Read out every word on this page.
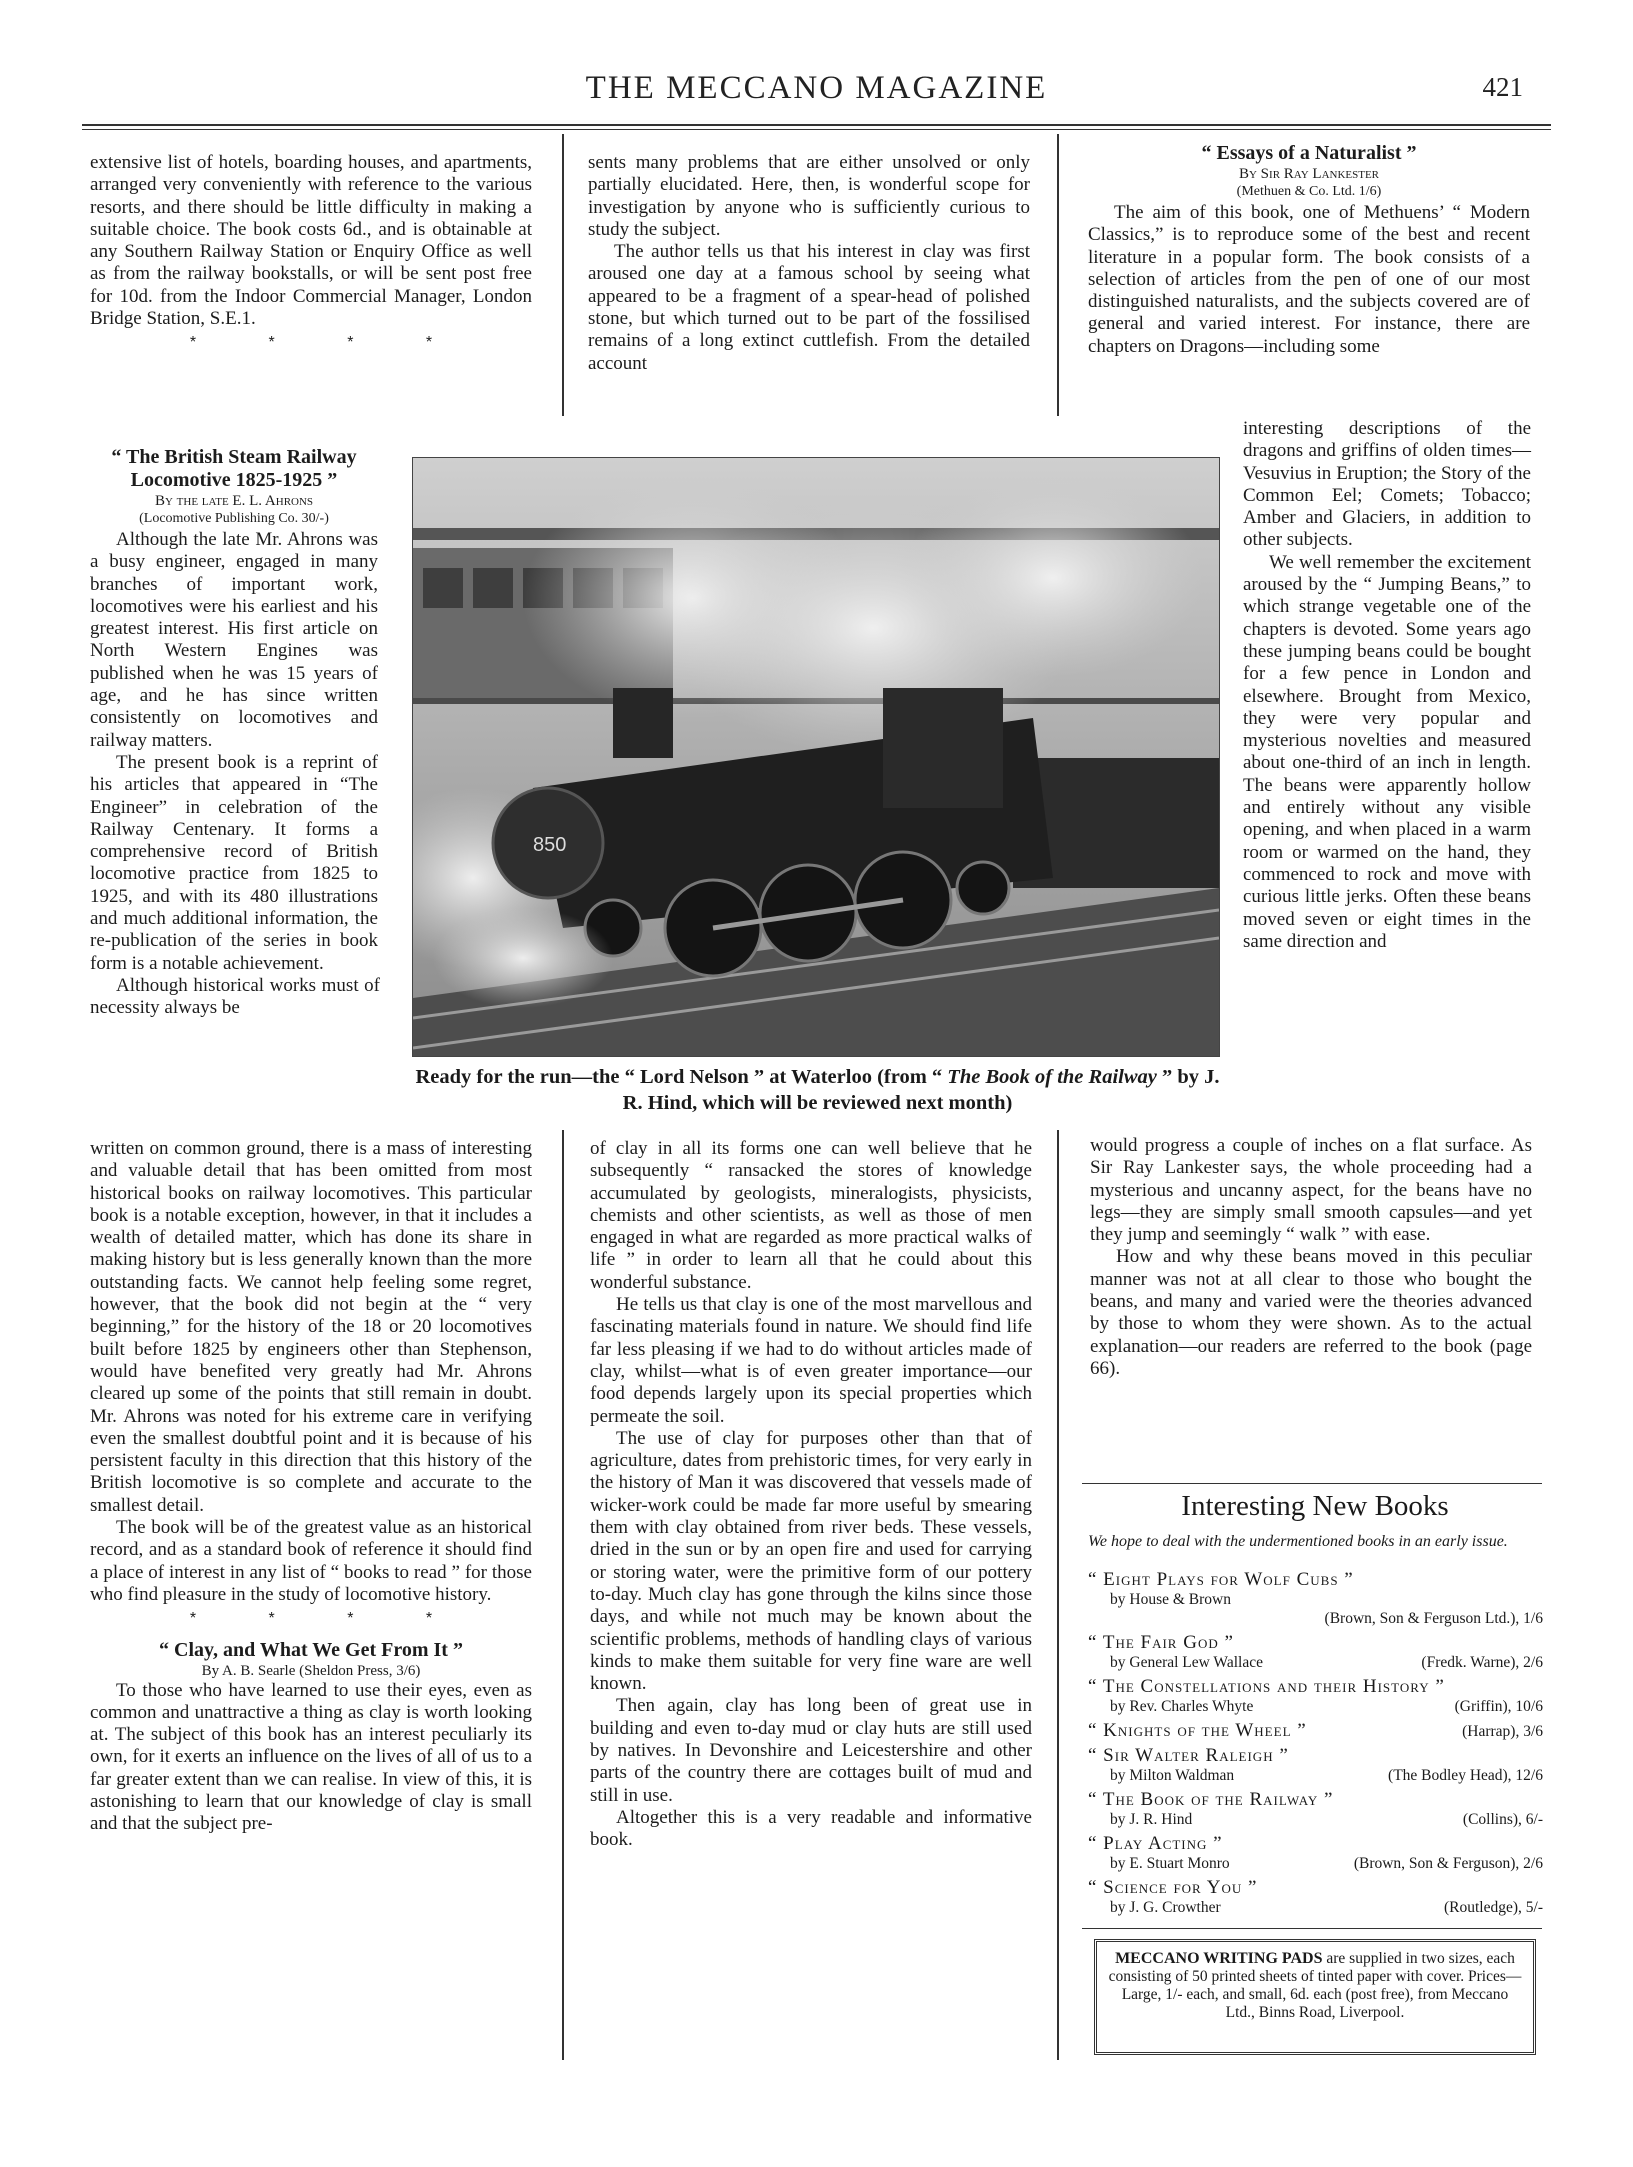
THE MECCANO MAGAZINE	421

extensive list of hotels, boarding houses, and apartments, arranged very conveniently with reference to the various resorts, and there should be little difficulty in making a suitable choice. The book costs 6d., and is obtainable at any Southern Railway Station or Enquiry Office as well as from the railway bookstalls, or will be sent post free for 10d. from the Indoor Commercial Manager, London Bridge Station, S.E.1.

* * * *
“ The British Steam Railway Locomotive 1825-1925 ”
By the late E. L. Ahrons
(Locomotive Publishing Co. 30/-)

Although the late Mr. Ahrons was a busy engineer, engaged in many branches of important work, locomotives were his earliest and his greatest interest. His first article on North Western Engines was published when he was 15 years of age, and he has since written consistently on locomotives and railway matters.

The present book is a reprint of his articles that appeared in “The Engineer” in celebration of the Railway Centenary. It forms a comprehensive record of British locomotive practice from 1825 to 1925, and with its 480 illustrations and much additional information, the re-publication of the series in book form is a notable achievement.

Although historical works must of necessity always be

written on common ground, there is a mass of interesting and valuable detail that has been omitted from most historical books on railway locomotives. This particular book is a notable exception, however, in that it includes a wealth of detailed matter, which has done its share in making history but is less generally known than the more outstanding facts. We cannot help feeling some regret, however, that the book did not begin at the “ very beginning,” for the history of the 18 or 20 locomotives built before 1825 by engineers other than Stephenson, would have benefited very greatly had Mr. Ahrons cleared up some of the points that still remain in doubt. Mr. Ahrons was noted for his extreme care in verifying even the smallest doubtful point and it is because of his persistent faculty in this direction that this history of the British locomotive is so complete and accurate to the smallest detail.

The book will be of the greatest value as an historical record, and as a standard book of reference it should find a place of interest in any list of “ books to read ” for those who find pleasure in the study of locomotive history.

* * * *
“ Clay, and What We Get From It ”
By A. B. Searle (Sheldon Press, 3/6)

To those who have learned to use their eyes, even as common and unattractive a thing as clay is worth looking at. The subject of this book has an interest peculiarly its own, for it exerts an influence on the lives of all of us to a far greater extent than we can realise. In view of this, it is astonishing to learn that our knowledge of clay is small and that the subject pre-

sents many problems that are either unsolved or only partially elucidated. Here, then, is wonderful scope for investigation by anyone who is sufficiently curious to study the subject.

The author tells us that his interest in clay was first aroused one day at a famous school by seeing what appeared to be a fragment of a spear-head of polished stone, but which turned out to be part of the fossilised remains of a long extinct cuttlefish. From the detailed account

of clay in all its forms one can well believe that he subsequently “ ransacked the stores of knowledge accumulated by geologists, mineralogists, physicists, chemists and other scientists, as well as those of men engaged in what are regarded as more practical walks of life ” in order to learn all that he could about this wonderful substance.

He tells us that clay is one of the most marvellous and fascinating materials found in nature. We should find life far less pleasing if we had to do without articles made of clay, whilst—what is of even greater importance—our food depends largely upon its special properties which permeate the soil.

The use of clay for purposes other than that of agriculture, dates from prehistoric times, for very early in the history of Man it was discovered that vessels made of wicker-work could be made far more useful by smearing them with clay obtained from river beds. These vessels, dried in the sun or by an open fire and used for carrying or storing water, were the primitive form of our pottery to-day. Much clay has gone through the kilns since those days, and while not much may be known about the scientific problems, methods of handling clays of various kinds to make them suitable for very fine ware are well known.

Then again, clay has long been of great use in building and even to-day mud or clay huts are still used by natives. In Devonshire and Leicestershire and other parts of the country there are cottages built of mud and still in use.

Altogether this is a very readable and informative book.

“ Essays of a Naturalist ”
By Sir Ray Lankester
(Methuen & Co. Ltd. 1/6)

The aim of this book, one of Methuens’ “ Modern Classics,” is to reproduce some of the best and recent literature in a popular form. The book consists of a selection of articles from the pen of one of our most distinguished naturalists, and the subjects covered are of general and varied interest. For instance, there are chapters on Dragons—including some

interesting descriptions of the dragons and griffins of olden times—Vesuvius in Eruption; the Story of the Common Eel; Comets; Tobacco; Amber and Glaciers, in addition to other subjects.

We well remember the excitement aroused by the “ Jumping Beans,” to which strange vegetable one of the chapters is devoted. Some years ago these jumping beans could be bought for a few pence in London and elsewhere. Brought from Mexico, they were very popular and mysterious novelties and measured about one-third of an inch in length. The beans were apparently hollow and entirely without any visible opening, and when placed in a warm room or warmed on the hand, they commenced to rock and move with curious little jerks. Often these beans moved seven or eight times in the same direction and

would progress a couple of inches on a flat surface. As Sir Ray Lankester says, the whole proceeding had a mysterious and uncanny aspect, for the beans have no legs—they are simply small smooth capsules—and yet they jump and seemingly “ walk ” with ease.

How and why these beans moved in this peculiar manner was not at all clear to those who bought the beans, and many and varied were the theories advanced by those to whom they were shown. As to the actual explanation—our readers are referred to the book (page 66).

850
Ready for the run—the “ Lord Nelson ” at Waterloo (from “ The Book of the Railway ” by J. R. Hind, which will be reviewed next month)
Interesting New Books
We hope to deal with the undermentioned books in an early issue.
“ Eight Plays for Wolf Cubs ”
by House & Brown
(Brown, Son & Ferguson Ltd.), 1/6
“ The Fair God ”
by General Lew Wallace	(Fredk. Warne), 2/6
“ The Constellations and their History ”
by Rev. Charles Whyte	(Griffin), 10/6
“ Knights of the Wheel ”	(Harrap), 3/6
“ Sir Walter Raleigh ”
by Milton Waldman	(The Bodley Head), 12/6
“ The Book of the Railway ”
by J. R. Hind	(Collins), 6/-
“ Play Acting ”
by E. Stuart Monro	(Brown, Son & Ferguson), 2/6
“ Science for You ”
by J. G. Crowther	(Routledge), 5/-
MECCANO WRITING PADS are supplied in two sizes, each consisting of 50 printed sheets of tinted paper with cover. Prices—Large, 1/- each, and small, 6d. each (post free), from Meccano Ltd., Binns Road, Liverpool.
